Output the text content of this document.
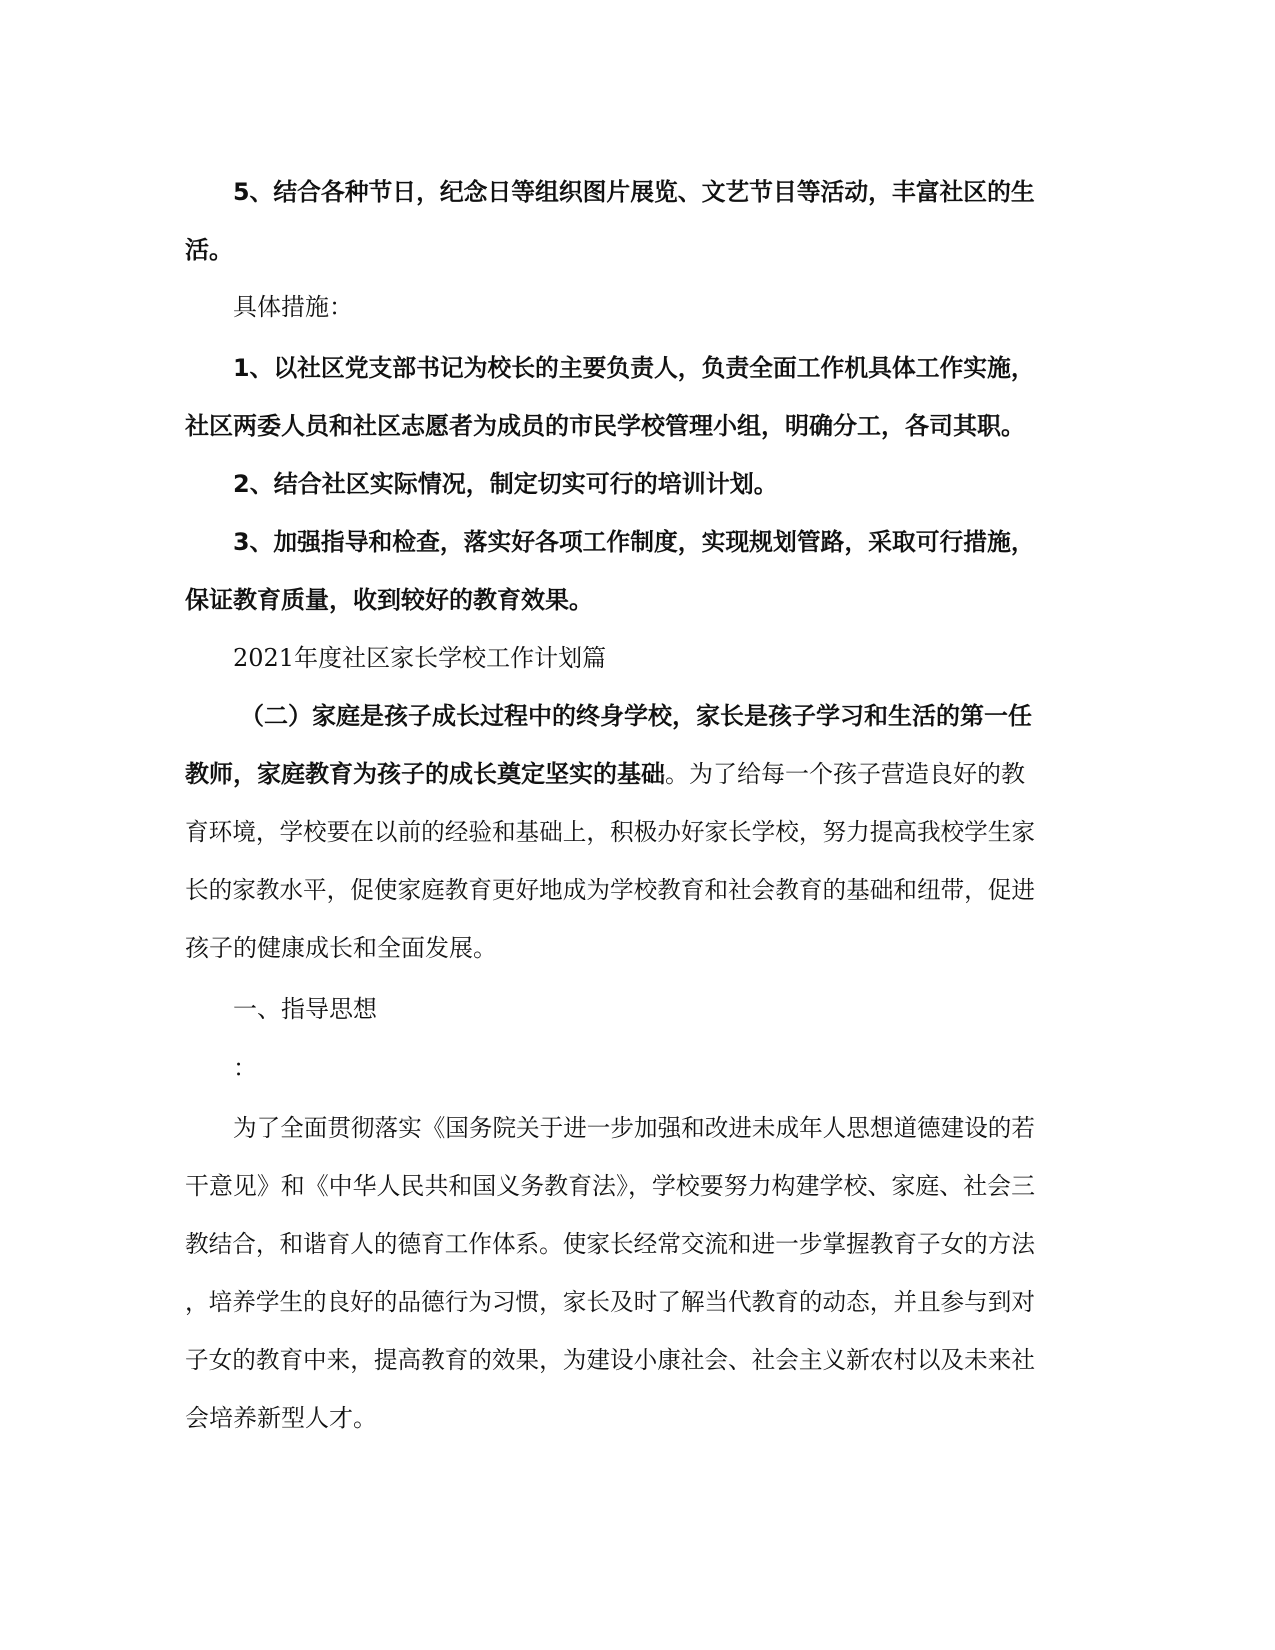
5、结合各种节日，纪念日等组织图片展览、文艺节目等活动，丰富社区的生
活。
具体措施：
1、以社区党支部书记为校长的主要负责人，负责全面工作机具体工作实施，
社区两委人员和社区志愿者为成员的市民学校管理小组，明确分工，各司其职。
2、结合社区实际情况，制定切实可行的培训计划。
3、加强指导和检查，落实好各项工作制度，实现规划管路，采取可行措施，
保证教育质量，收到较好的教育效果。
2021年度社区家长学校工作计划篇
（二）家庭是孩子成长过程中的终身学校，家长是孩子学习和生活的第一任
教师，家庭教育为孩子的成长奠定坚实的基础。为了给每一个孩子营造良好的教
育环境，学校要在以前的经验和基础上，积极办好家长学校，努力提高我校学生家
长的家教水平，促使家庭教育更好地成为学校教育和社会教育的基础和纽带，促进
孩子的健康成长和全面发展。
一、指导思想
：
为了全面贯彻落实《国务院关于进一步加强和改进未成年人思想道德建设的若
干意见》和《中华人民共和国义务教育法》，学校要努力构建学校、家庭、社会三
教结合，和谐育人的德育工作体系。使家长经常交流和进一步掌握教育子女的方法
，培养学生的良好的品德行为习惯，家长及时了解当代教育的动态，并且参与到对
子女的教育中来，提高教育的效果，为建设小康社会、社会主义新农村以及未来社
会培养新型人才。
